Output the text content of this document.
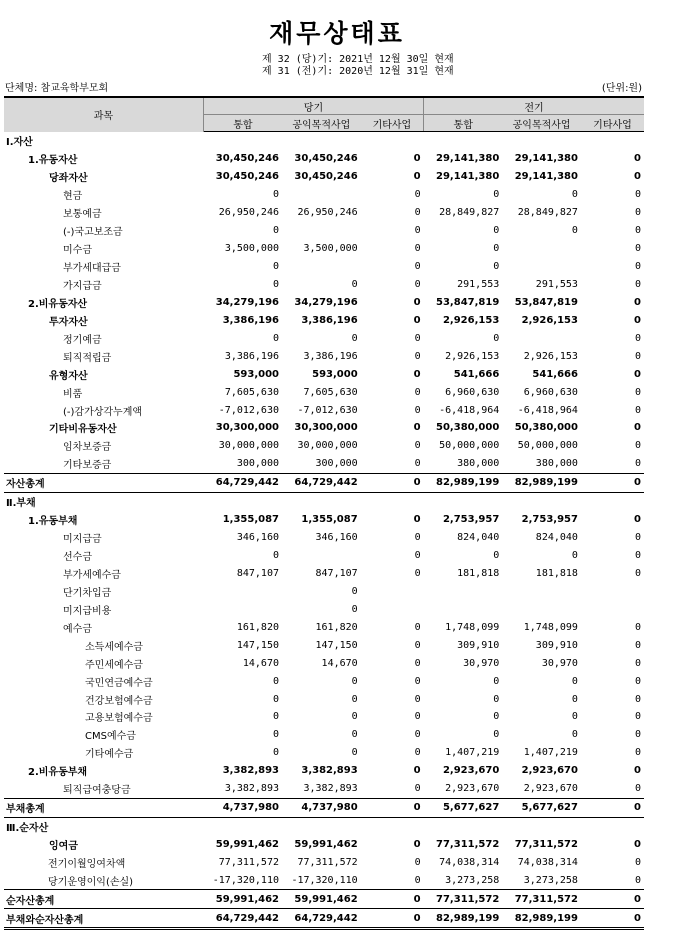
재무상태표
제 32 (당)기: 2021년 12월 30일 현재
제 31 (전)기: 2020년 12월 31일 현재
단체명: 참교육학부모회	(단위:원)
과목	당기			전기		
	통합	공익목적사업	기타사업	통합	공익목적사업	기타사업
Ⅰ.자산						
1.유동자산	30,450,246	30,450,246	0	29,141,380	29,141,380	0
당좌자산	30,450,246	30,450,246	0	29,141,380	29,141,380	0
현금	0		0	0	0	0
보통예금	26,950,246	26,950,246	0	28,849,827	28,849,827	0
(-)국고보조금	0		0	0	0	0
미수금	3,500,000	3,500,000	0	0		0
부가세대급금	0		0	0		0
가지급금	0	0	0	291,553	291,553	0
2.비유동자산	34,279,196	34,279,196	0	53,847,819	53,847,819	0
투자자산	3,386,196	3,386,196	0	2,926,153	2,926,153	0
정기예금	0	0	0	0		0
퇴직적립금	3,386,196	3,386,196	0	2,926,153	2,926,153	0
유형자산	593,000	593,000	0	541,666	541,666	0
비품	7,605,630	7,605,630	0	6,960,630	6,960,630	0
(-)감가상각누계액	-7,012,630	-7,012,630	0	-6,418,964	-6,418,964	0
기타비유동자산	30,300,000	30,300,000	0	50,380,000	50,380,000	0
임차보증금	30,000,000	30,000,000	0	50,000,000	50,000,000	0
기타보증금	300,000	300,000	0	380,000	380,000	0
자산총계	64,729,442	64,729,442	0	82,989,199	82,989,199	0
Ⅱ.부채						
1.유동부채	1,355,087	1,355,087	0	2,753,957	2,753,957	0
미지급금	346,160	346,160	0	824,040	824,040	0
선수금	0		0	0	0	0
부가세예수금	847,107	847,107	0	181,818	181,818	0
단기차입금		0				
미지급비용		0				
예수금	161,820	161,820	0	1,748,099	1,748,099	0
소득세예수금	147,150	147,150	0	309,910	309,910	0
주민세예수금	14,670	14,670	0	30,970	30,970	0
국민연금예수금	0	0	0	0	0	0
건강보험예수금	0	0	0	0	0	0
고용보험예수금	0	0	0	0	0	0
CMS예수금	0	0	0	0	0	0
기타예수금	0	0	0	1,407,219	1,407,219	0
2.비유동부채	3,382,893	3,382,893	0	2,923,670	2,923,670	0
퇴직급여충당금	3,382,893	3,382,893	0	2,923,670	2,923,670	0
부채총계	4,737,980	4,737,980	0	5,677,627	5,677,627	0
Ⅲ.순자산						
잉여금	59,991,462	59,991,462	0	77,311,572	77,311,572	0
전기이월잉여차액	77,311,572	77,311,572	0	74,038,314	74,038,314	0
당기운영이익(손실)	-17,320,110	-17,320,110	0	3,273,258	3,273,258	0
순자산총계	59,991,462	59,991,462	0	77,311,572	77,311,572	0
부채와순자산총계	64,729,442	64,729,442	0	82,989,199	82,989,199	0
